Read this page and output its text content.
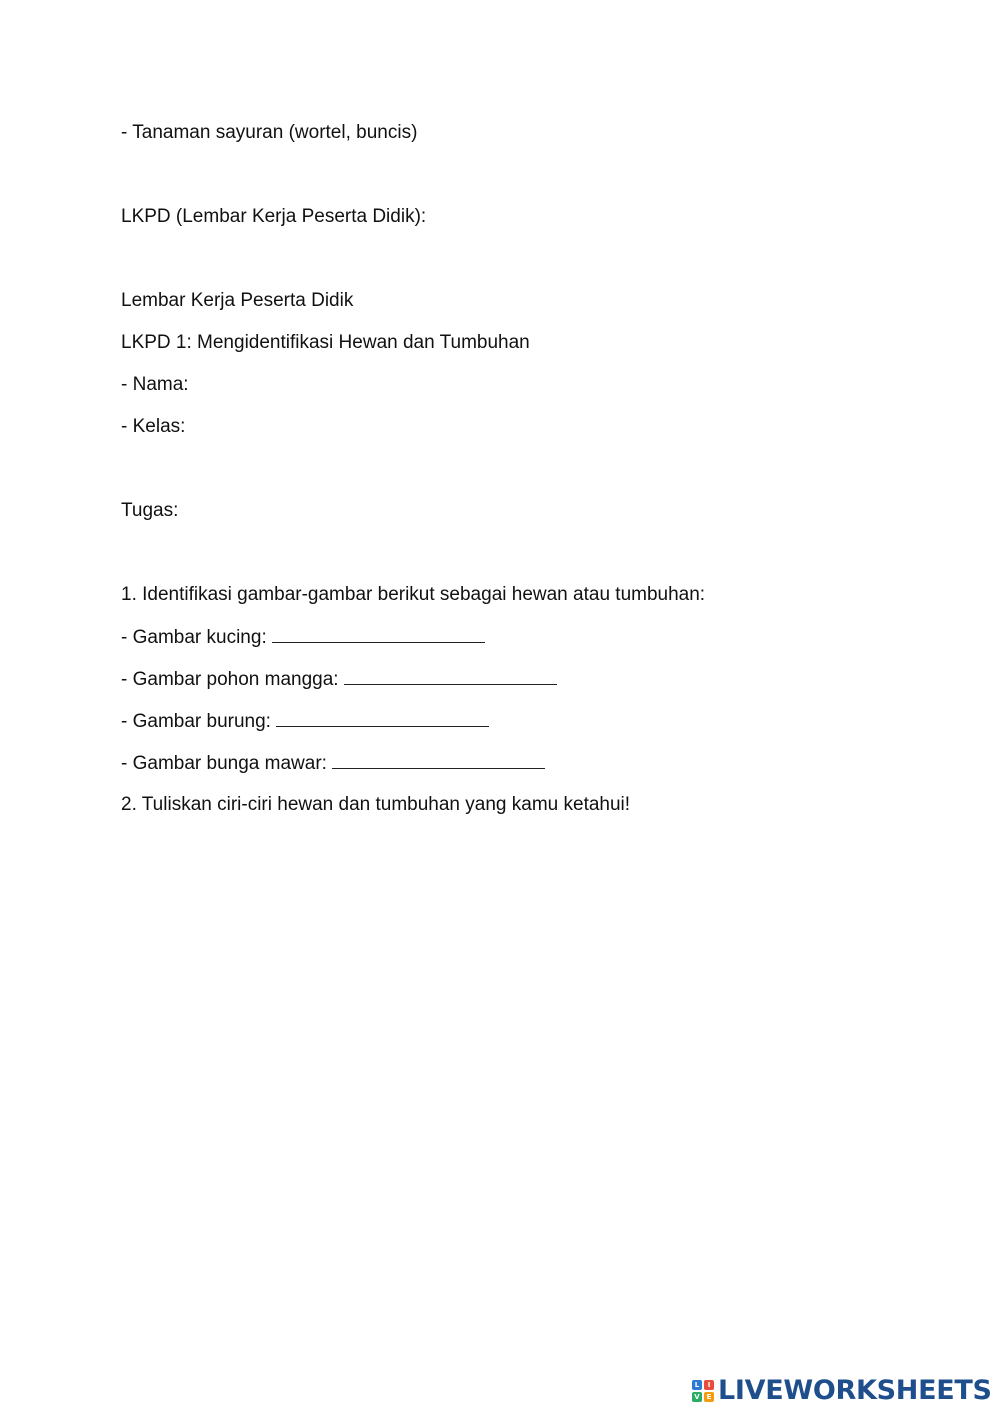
- Tanaman sayuran (wortel, buncis)
LKPD (Lembar Kerja Peserta Didik):
Lembar Kerja Peserta Didik
LKPD 1: Mengidentifikasi Hewan dan Tumbuhan
- Nama:
- Kelas:
Tugas:
1. Identifikasi gambar-gambar berikut sebagai hewan atau tumbuhan:
- Gambar kucing:
- Gambar pohon mangga:
- Gambar burung:
- Gambar bunga mawar:
2. Tuliskan ciri-ciri hewan dan tumbuhan yang kamu ketahui!
L	I
V E LIVEWORKSHEETS
